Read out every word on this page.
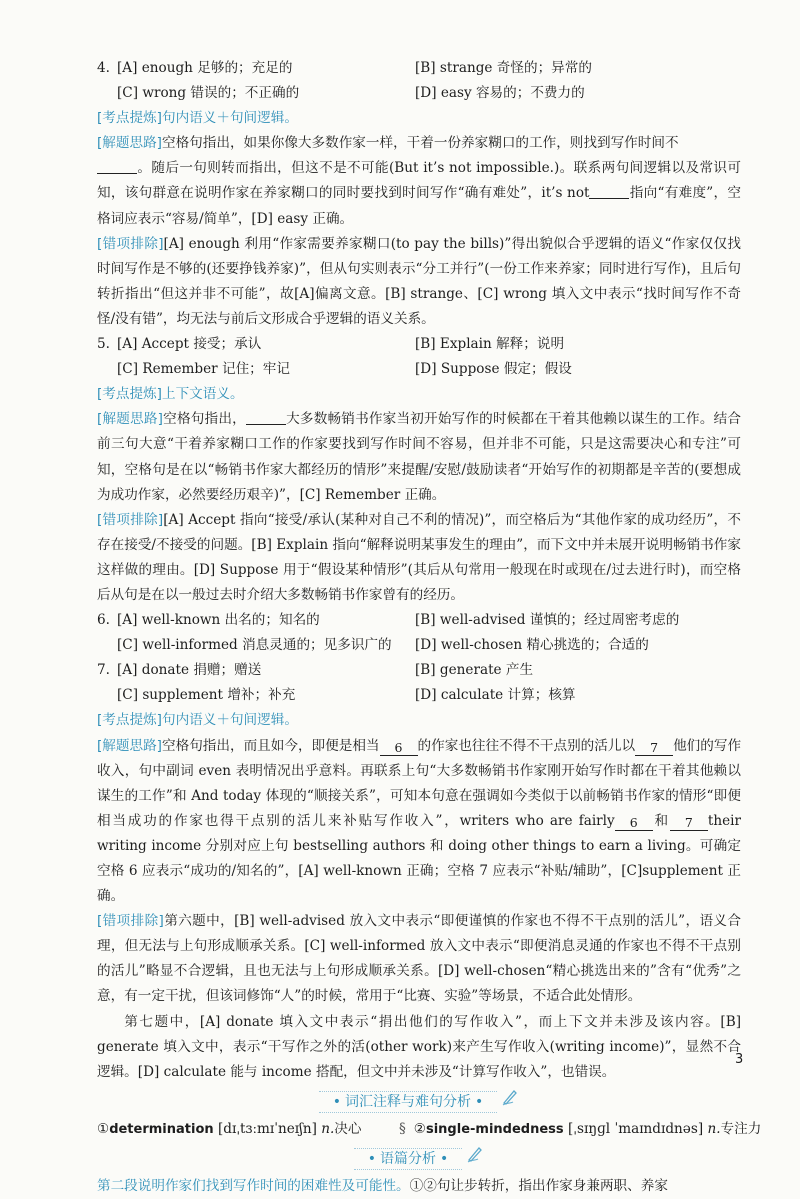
4. [A] enough 足够的；充足的	[B] strange 奇怪的；异常的
[C] wrong 错误的；不正确的	[D] easy 容易的；不费力的

[考点提炼]句内语义＋句间逻辑。

[解题思路]空格句指出，如果你像大多数作家一样，干着一份养家糊口的工作，则找到写作时间不
。随后一句则转而指出，但这不是不可能(But it’s not impossible.)。联系两句间逻辑以及常识可知，该句群意在说明作家在养家糊口的同时要找到时间写作“确有难处”，it’s not	指向“有难度”，空格词应表示“容易/简单”，[D] easy 正确。

[错项排除][A] enough 利用“作家需要养家糊口(to pay the bills)”得出貌似合乎逻辑的语义“作家仅仅找时间写作是不够的(还要挣钱养家)”，但从句实则表示“分工并行”(一份工作来养家；同时进行写作)，且后句转折指出“但这并非不可能”，故[A]偏离文意。[B] strange、[C] wrong 填入文中表示“找时间写作不奇怪/没有错”，均无法与前后文形成合乎逻辑的语义关系。

5. [A] Accept 接受；承认	[B] Explain 解释；说明
[C] Remember 记住；牢记	[D] Suppose 假定；假设

[考点提炼]上下文语义。

[解题思路]空格句指出，	大多数畅销书作家当初开始写作的时候都在干着其他赖以谋生的工作。结合前三句大意“干着养家糊口工作的作家要找到写作时间不容易，但并非不可能，只是这需要决心和专注”可知，空格句是在以“畅销书作家大都经历的情形”来提醒/安慰/鼓励读者“开始写作的初期都是辛苦的(要想成为成功作家，必然要经历艰辛)”，[C] Remember 正确。

[错项排除][A] Accept 指向“接受/承认(某种对自己不利的情况)”，而空格后为“其他作家的成功经历”，不存在接受/不接受的问题。[B] Explain 指向“解释说明某事发生的理由”，而下文中并未展开说明畅销书作家这样做的理由。[D] Suppose 用于“假设某种情形”(其后从句常用一般现在时或现在/过去进行时)，而空格后从句是在以一般过去时介绍大多数畅销书作家曾有的经历。

6. [A] well-known 出名的；知名的	[B] well-advised 谨慎的；经过周密考虑的
[C] well-informed 消息灵通的；见多识广的	[D] well-chosen 精心挑选的；合适的
7. [A] donate 捐赠；赠送	[B] generate 产生
[C] supplement 增补；补充	[D] calculate 计算；核算

[考点提炼]句内语义＋句间逻辑。

[解题思路]空格句指出，而且如今，即便是相当 6 的作家也往往不得不干点别的活儿以 7 他们的写作收入，句中副词 even 表明情况出乎意料。再联系上句“大多数畅销书作家刚开始写作时都在干着其他赖以谋生的工作”和 And today 体现的“顺接关系”，可知本句意在强调如今类似于以前畅销书作家的情形“即便相当成功的作家也得干点别的活儿来补贴写作收入”，writers who are fairly 6 和 7 their writing income 分别对应上句 bestselling authors 和 doing other things to earn a living。可确定空格 6 应表示“成功的/知名的”，[A] well-known 正确；空格 7 应表示“补贴/辅助”，[C]supplement 正确。

[错项排除]第六题中，[B] well-advised 放入文中表示“即便谨慎的作家也不得不干点别的活儿”，语义合理，但无法与上句形成顺承关系。[C] well-informed 放入文中表示“即便消息灵通的作家也不得不干点别的活儿”略显不合逻辑，且也无法与上句形成顺承关系。[D] well-chosen“精心挑选出来的”含有“优秀”之意，有一定干扰，但该词修饰“人”的时候，常用于“比赛、实验”等场景，不适合此处情形。

第七题中，[A] donate 填入文中表示“捐出他们的写作收入”，而上下文并未涉及该内容。[B] generate 填入文中，表示“干写作之外的活(other work)来产生写作收入(writing income)”，显然不合逻辑。[D] calculate 能与 income 搭配，但文中并未涉及“计算写作收入”，也错误。

• 词汇注释与难句分析 •
①determination [dɪˌtɜːmɪˈneɪʃn] n.决心	§ ②single-mindedness [ˌsɪŋɡl ˈmaɪndɪdnəs] n.专注力
• 语篇分析 •

第二段说明作家们找到写作时间的困难性及可能性。①②句让步转折，指出作家身兼两职、养家

3
